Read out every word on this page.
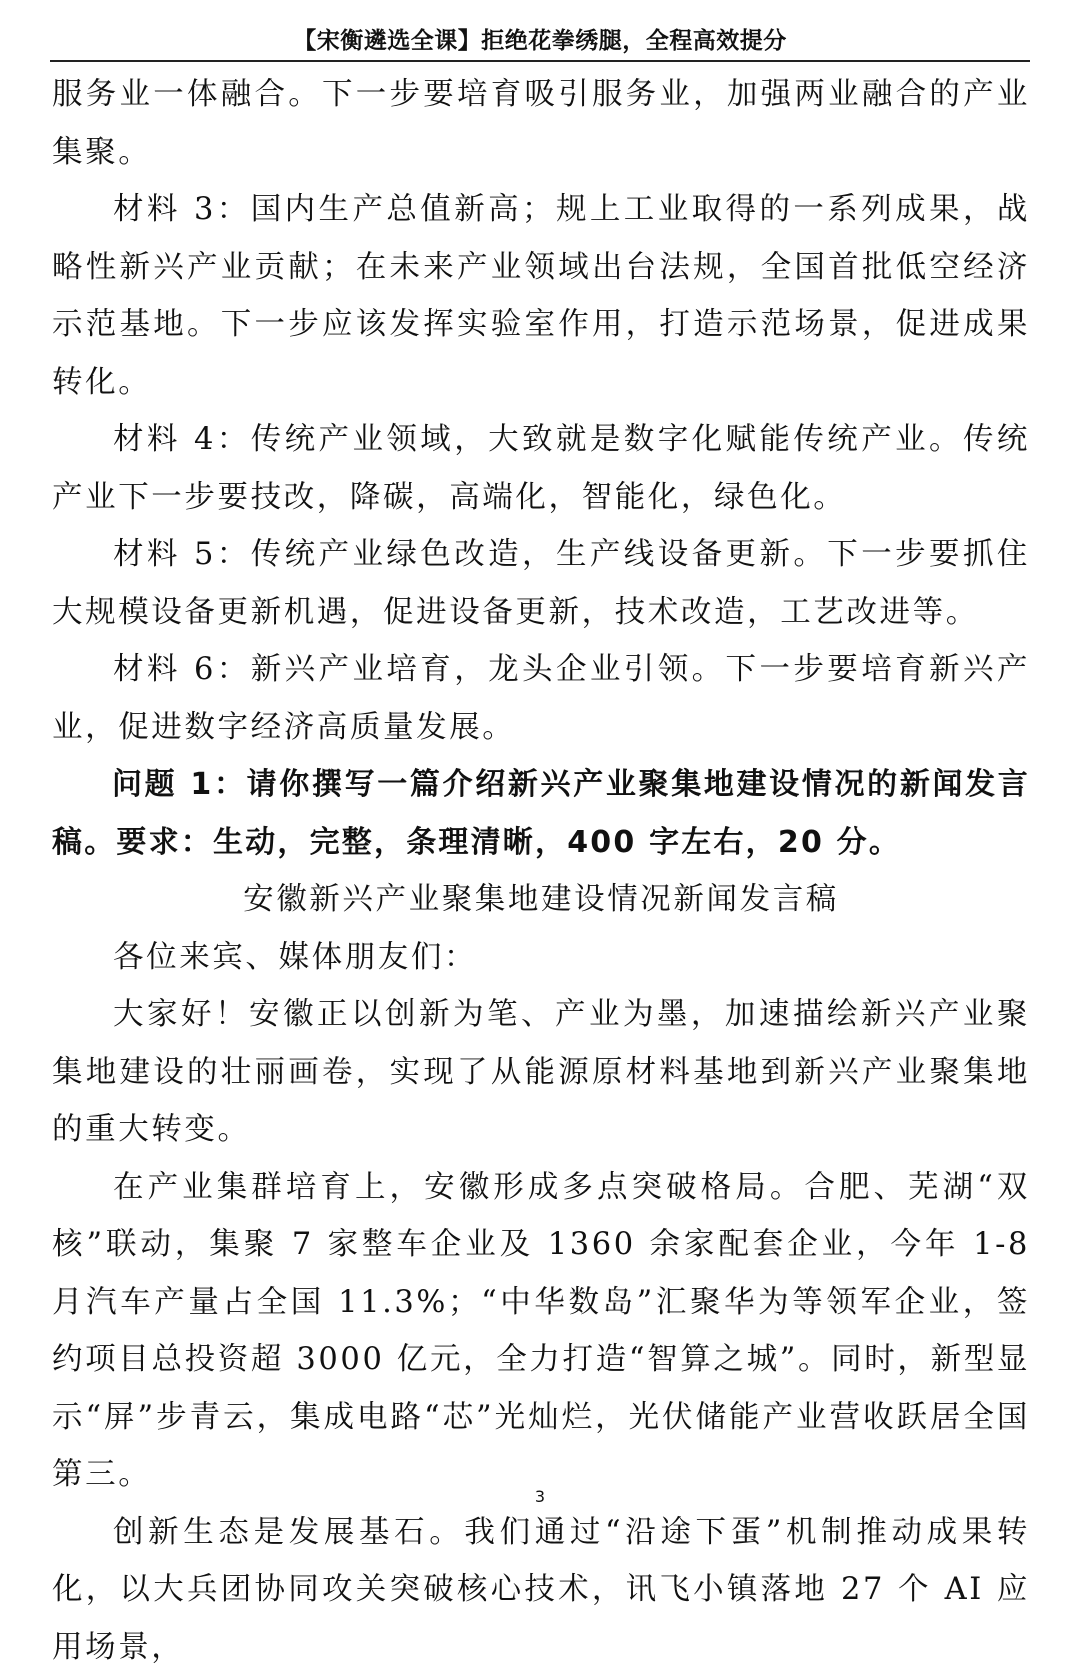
【宋衡遴选全课】拒绝花拳绣腿，全程高效提分

服务业一体融合。下一步要培育吸引服务业，加强两业融合的产业集聚。

材料 3：国内生产总值新高；规上工业取得的一系列成果，战略性新兴产业贡献；在未来产业领域出台法规，全国首批低空经济示范基地。下一步应该发挥实验室作用，打造示范场景，促进成果转化。

材料 4：传统产业领域，大致就是数字化赋能传统产业。传统产业下一步要技改，降碳，高端化，智能化，绿色化。

材料 5：传统产业绿色改造，生产线设备更新。下一步要抓住大规模设备更新机遇，促进设备更新，技术改造，工艺改进等。

材料 6：新兴产业培育，龙头企业引领。下一步要培育新兴产业，促进数字经济高质量发展。

问题 1：请你撰写一篇介绍新兴产业聚集地建设情况的新闻发言稿。要求：生动，完整，条理清晰，400 字左右，20 分。

安徽新兴产业聚集地建设情况新闻发言稿

各位来宾、媒体朋友们：

大家好！安徽正以创新为笔、产业为墨，加速描绘新兴产业聚集地建设的壮丽画卷，实现了从能源原材料基地到新兴产业聚集地的重大转变。

在产业集群培育上，安徽形成多点突破格局。合肥、芜湖“双核”联动，集聚 7 家整车企业及 1360 余家配套企业，今年 1-8 月汽车产量占全国 11.3%；“中华数岛”汇聚华为等领军企业，签约项目总投资超 3000 亿元，全力打造“智算之城”。同时，新型显示“屏”步青云，集成电路“芯”光灿烂，光伏储能产业营收跃居全国第三。

创新生态是发展基石。我们通过“沿途下蛋”机制推动成果转化，以大兵团协同攻关突破核心技术，讯飞小镇落地 27 个 AI 应用场景，

3
